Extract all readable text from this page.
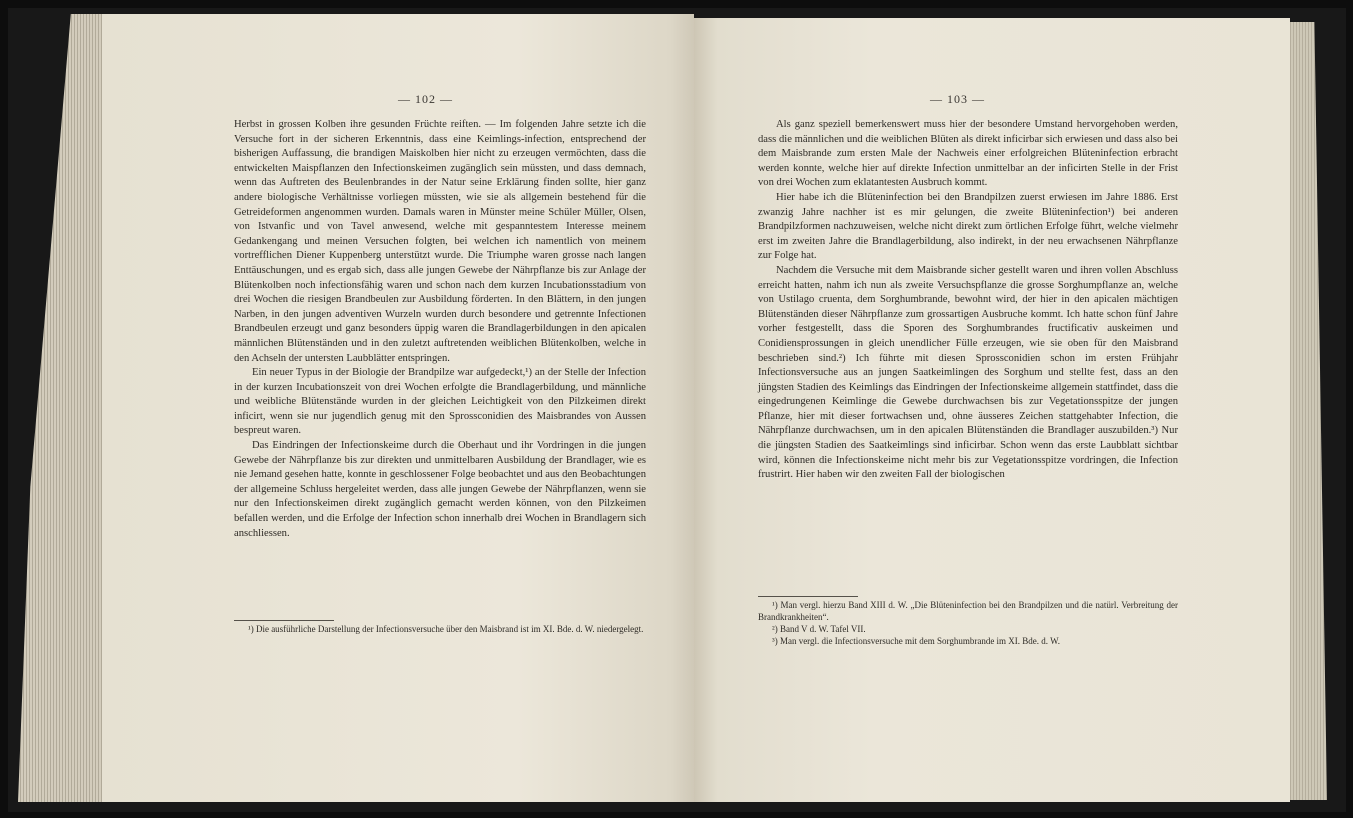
— 102 —

Herbst in grossen Kolben ihre gesunden Früchte reiften. — Im folgenden Jahre setzte ich die Versuche fort in der sicheren Erkenntnis, dass eine Keimlings-infection, entsprechend der bisherigen Auffassung, die brandigen Maiskolben hier nicht zu erzeugen vermöchten, dass die entwickelten Maispflanzen den Infectionskeimen zugänglich sein müssten, und dass demnach, wenn das Auftreten des Beulenbrandes in der Natur seine Erklärung finden sollte, hier ganz andere biologische Verhältnisse vorliegen müssten, wie sie als allgemein bestehend für die Getreideformen angenommen wurden. Damals waren in Münster meine Schüler Müller, Olsen, von Istvanfic und von Tavel anwesend, welche mit gespanntestem Interesse meinem Gedankengang und meinen Versuchen folgten, bei welchen ich namentlich von meinem vortrefflichen Diener Kuppenberg unterstützt wurde. Die Triumphe waren grosse nach langen Enttäuschungen, und es ergab sich, dass alle jungen Gewebe der Nährpflanze bis zur Anlage der Blütenkolben noch infectionsfähig waren und schon nach dem kurzen Incubationsstadium von drei Wochen die riesigen Brandbeulen zur Ausbildung förderten. In den Blättern, in den jungen Narben, in den jungen adventiven Wurzeln wurden durch besondere und getrennte Infectionen Brandbeulen erzeugt und ganz besonders üppig waren die Brandlagerbildungen in den apicalen männlichen Blütenständen und in den zuletzt auftretenden weiblichen Blütenkolben, welche in den Achseln der untersten Laubblätter entspringen.

Ein neuer Typus in der Biologie der Brandpilze war aufgedeckt,¹) an der Stelle der Infection in der kurzen Incubationszeit von drei Wochen erfolgte die Brandlagerbildung, und männliche und weibliche Blütenstände wurden in der gleichen Leichtigkeit von den Pilzkeimen direkt inficirt, wenn sie nur jugendlich genug mit den Sprossconidien des Maisbrandes von Aussen bespreut waren.

Das Eindringen der Infectionskeime durch die Oberhaut und ihr Vordringen in die jungen Gewebe der Nährpflanze bis zur direkten und unmittelbaren Ausbildung der Brandlager, wie es nie Jemand gesehen hatte, konnte in geschlossener Folge beobachtet und aus den Beobachtungen der allgemeine Schluss hergeleitet werden, dass alle jungen Gewebe der Nährpflanzen, wenn sie nur den Infectionskeimen direkt zugänglich gemacht werden können, von den Pilzkeimen befallen werden, und die Erfolge der Infection schon innerhalb drei Wochen in Brandlagern sich anschliessen.

¹) Die ausführliche Darstellung der Infectionsversuche über den Maisbrand ist im XI. Bde. d. W. niedergelegt.

— 103 —

Als ganz speziell bemerkenswert muss hier der besondere Umstand hervorgehoben werden, dass die männlichen und die weiblichen Blüten als direkt inficirbar sich erwiesen und dass also bei dem Maisbrande zum ersten Male der Nachweis einer erfolgreichen Blüteninfection erbracht werden konnte, welche hier auf direkte Infection unmittelbar an der inficirten Stelle in der Frist von drei Wochen zum eklatantesten Ausbruch kommt.

Hier habe ich die Blüteninfection bei den Brandpilzen zuerst erwiesen im Jahre 1886. Erst zwanzig Jahre nachher ist es mir gelungen, die zweite Blüteninfection¹) bei anderen Brandpilzformen nachzuweisen, welche nicht direkt zum örtlichen Erfolge führt, welche vielmehr erst im zweiten Jahre die Brandlagerbildung, also indirekt, in der neu erwachsenen Nährpflanze zur Folge hat.

Nachdem die Versuche mit dem Maisbrande sicher gestellt waren und ihren vollen Abschluss erreicht hatten, nahm ich nun als zweite Versuchspflanze die grosse Sorghumpflanze an, welche von Ustilago cruenta, dem Sorghumbrande, bewohnt wird, der hier in den apicalen mächtigen Blütenständen dieser Nährpflanze zum grossartigen Ausbruche kommt. Ich hatte schon fünf Jahre vorher festgestellt, dass die Sporen des Sorghumbrandes fructificativ auskeimen und Conidiensprossungen in gleich unendlicher Fülle erzeugen, wie sie oben für den Maisbrand beschrieben sind.²) Ich führte mit diesen Sprossconidien schon im ersten Frühjahr Infectionsversuche aus an jungen Saatkeimlingen des Sorghum und stellte fest, dass an den jüngsten Stadien des Keimlings das Eindringen der Infectionskeime allgemein stattfindet, dass die eingedrungenen Keimlinge die Gewebe durchwachsen bis zur Vegetationsspitze der jungen Pflanze, hier mit dieser fortwachsen und, ohne äusseres Zeichen stattgehabter Infection, die Nährpflanze durchwachsen, um in den apicalen Blütenständen die Brandlager auszubilden.³) Nur die jüngsten Stadien des Saatkeimlings sind inficirbar. Schon wenn das erste Laubblatt sichtbar wird, können die Infectionskeime nicht mehr bis zur Vegetationsspitze vordringen, die Infection frustrirt. Hier haben wir den zweiten Fall der biologischen

¹) Man vergl. hierzu Band XIII d. W. „Die Blüteninfection bei den Brandpilzen und die natürl. Verbreitung der Brandkrankheiten“.

²) Band V d. W. Tafel VII.

³) Man vergl. die Infectionsversuche mit dem Sorghumbrande im XI. Bde. d. W.
